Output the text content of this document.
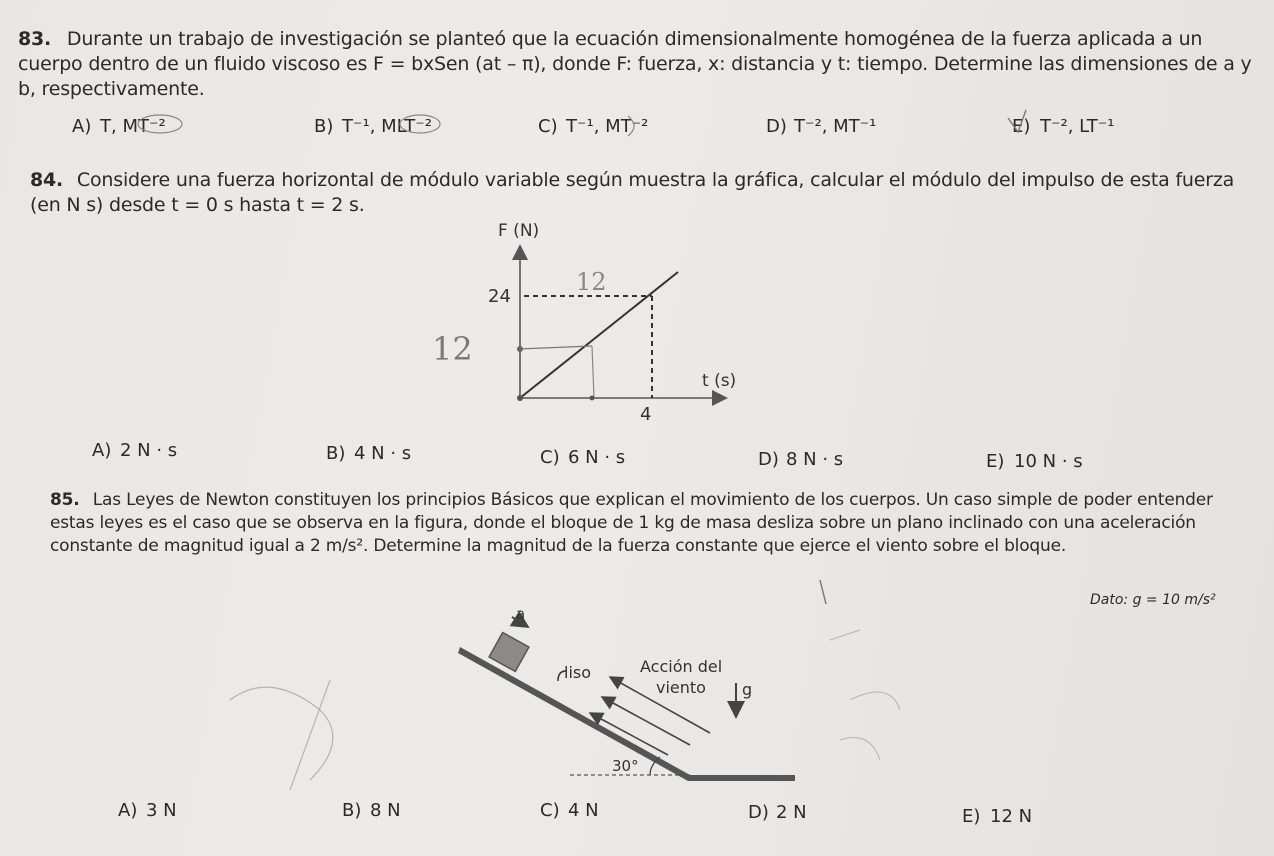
83. Durante un trabajo de investigación se planteó que la ecuación dimensionalmente homogénea de la fuerza aplicada a un cuerpo dentro de un fluido viscoso es F = bxSen (at – π), donde F: fuerza, x: distancia y t: tiempo. Determine las dimensiones de a y b, respectivamente.
A) T, MT⁻²	B) T⁻¹, MLT⁻²	C) T⁻¹, MT⁻²	D) T⁻², MT⁻¹	E) T⁻², LT⁻¹
84. Considere una fuerza horizontal de módulo variable según muestra la gráfica, calcular el módulo del impulso de esta fuerza (en N s) desde t = 0 s hasta t = 2 s.
F (N)
t (s)
24
4
12
12
A) 2 N · s	B) 4 N · s	C) 6 N · s	D) 8 N · s	E) 10 N · s
85. Las Leyes de Newton constituyen los principios Básicos que explican el movimiento de los cuerpos. Un caso simple de poder entender estas leyes es el caso que se observa en la figura, donde el bloque de 1 kg de masa desliza sobre un plano inclinado con una aceleración constante de magnitud igual a 2 m/s². Determine la magnitud de la fuerza constante que ejerce el viento sobre el bloque.
Dato: g = 10 m/s²
a
liso	Acción del
viento g
30°
A) 3 N	B) 8 N	C) 4 N	D) 2 N	E) 12 N
